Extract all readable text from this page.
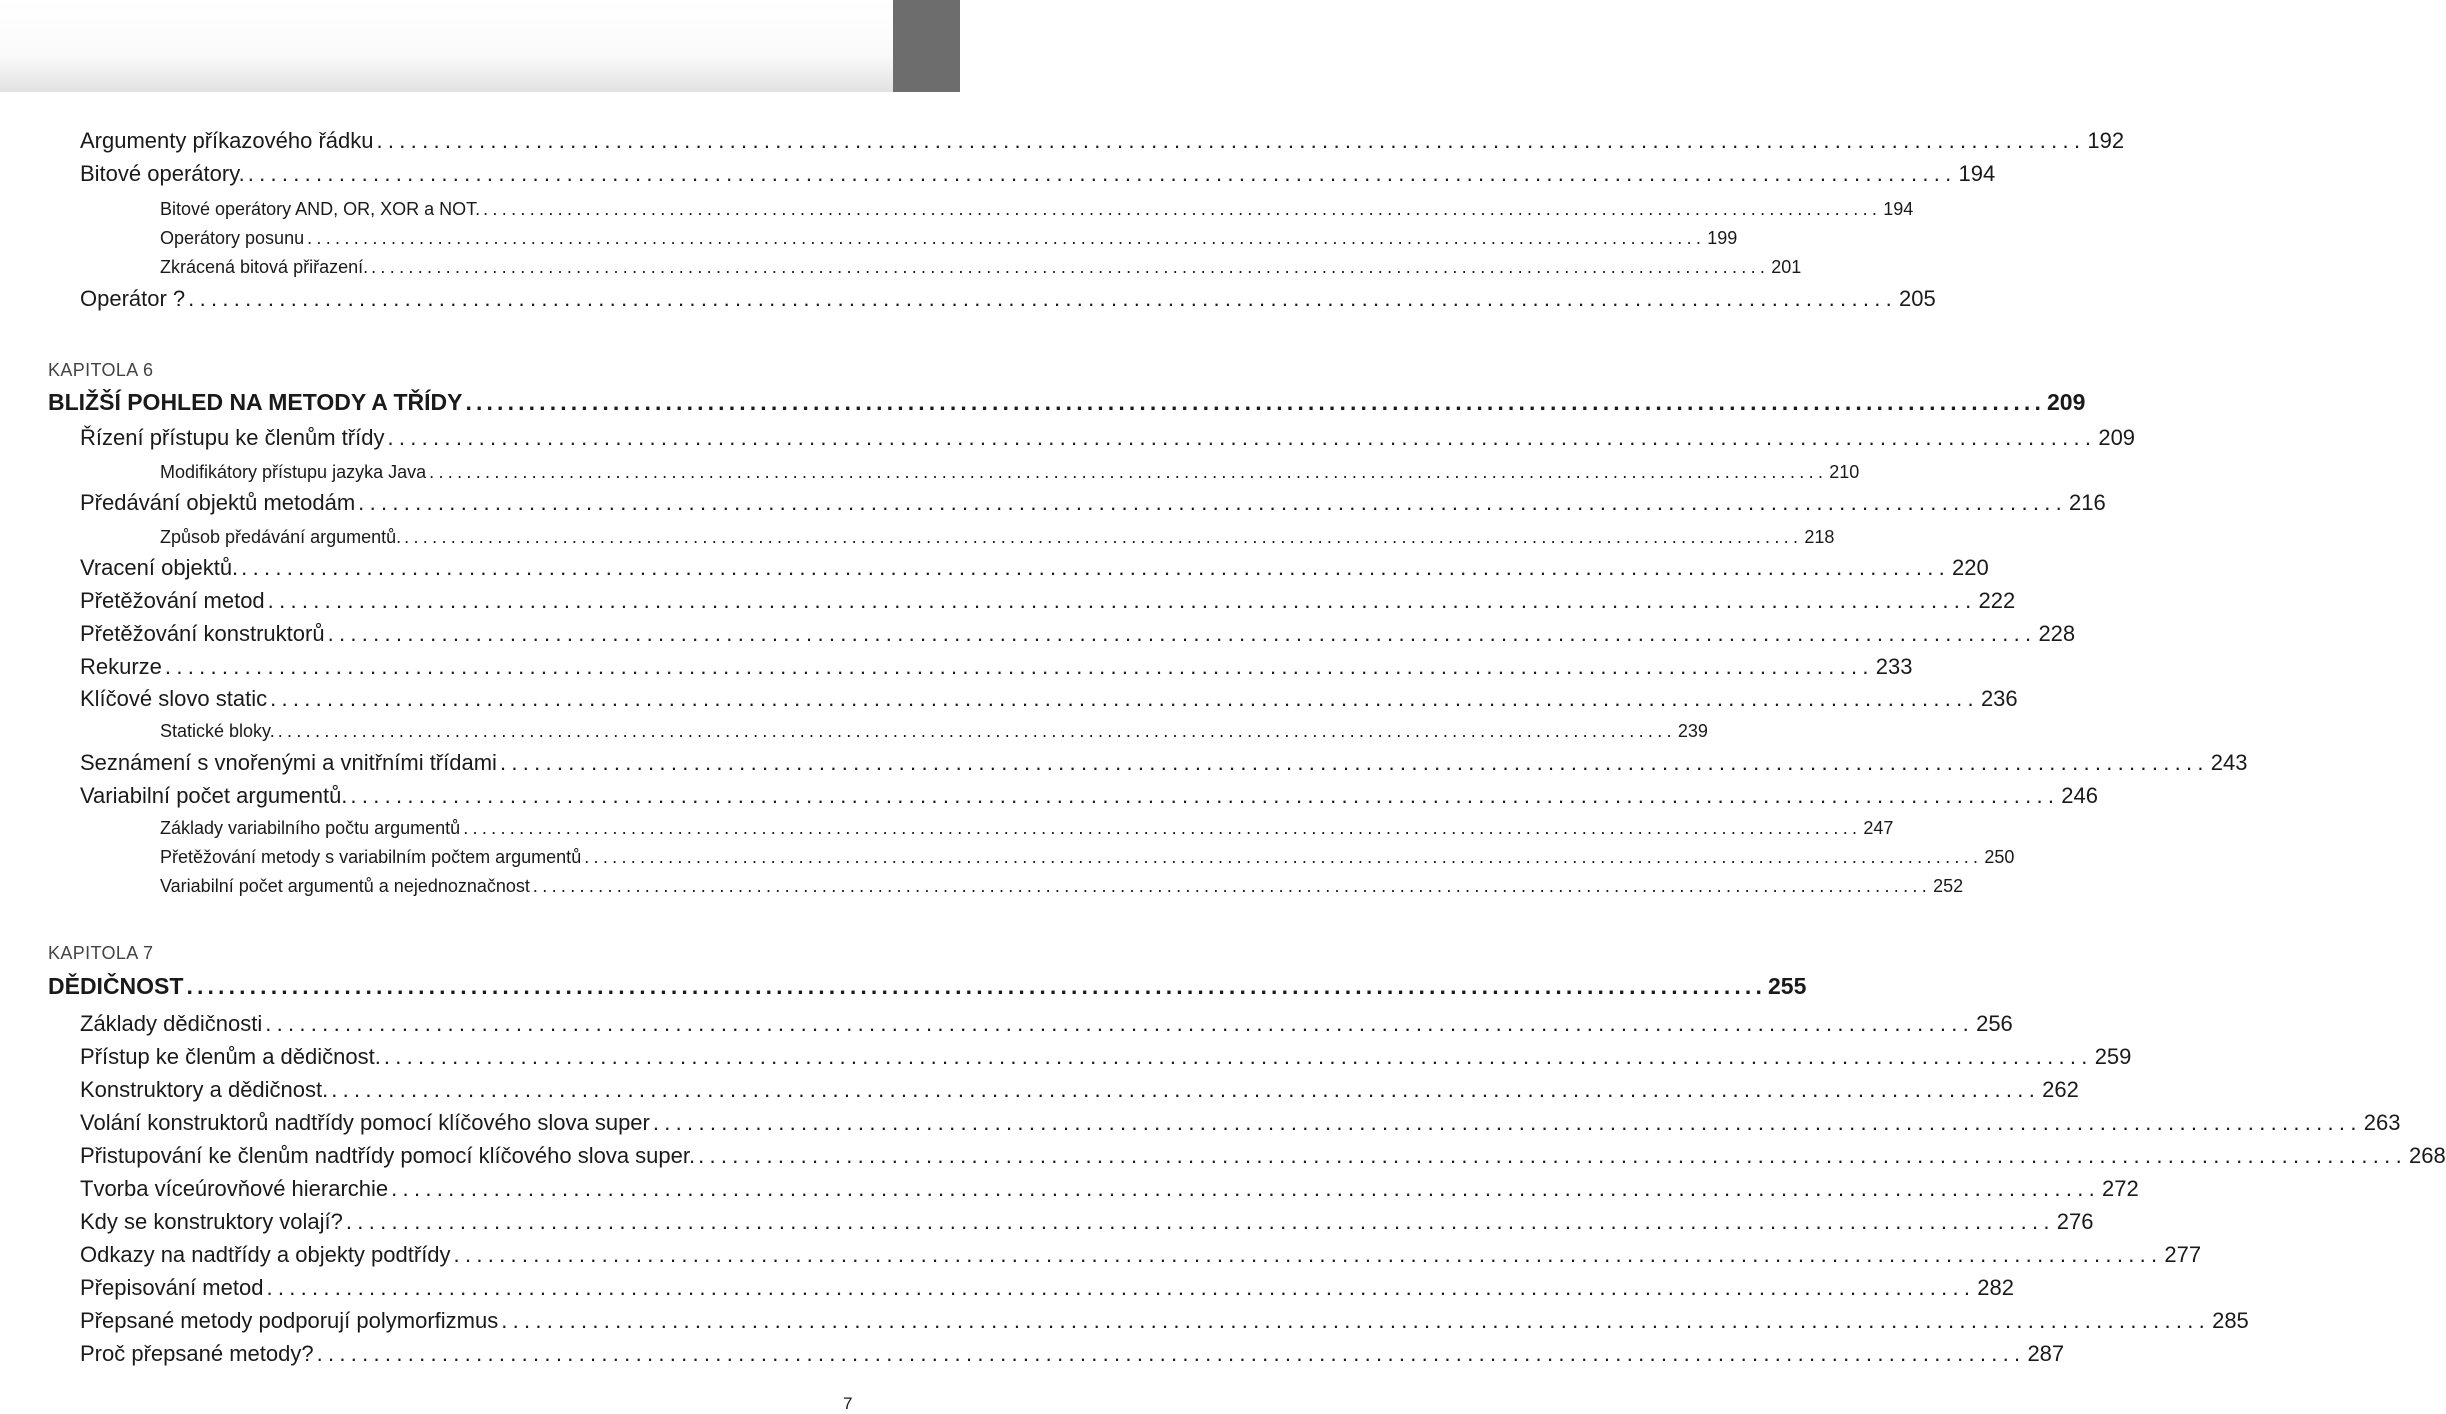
Argumenty příkazového řádku ...................................................................................................................................................... 192
Bitové operátory. ...................................................................................................................................................... 194
Bitové operátory AND, OR, XOR a NOT. ...................................................................................................................................................... 194
Operátory posunu ...................................................................................................................................................... 199
Zkrácená bitová přiřazení. ...................................................................................................................................................... 201
Operátor ? ...................................................................................................................................................... 205
KAPITOLA 6
BLIŽŠÍ POHLED NA METODY A TŘÍDY ...................................................................................................................................................... 209
Řízení přístupu ke členům třídy ...................................................................................................................................................... 209
Modifikátory přístupu jazyka Java ...................................................................................................................................................... 210
Předávání objektů metodám ...................................................................................................................................................... 216
Způsob předávání argumentů. ...................................................................................................................................................... 218
Vracení objektů. ...................................................................................................................................................... 220
Přetěžování metod ...................................................................................................................................................... 222
Přetěžování konstruktorů ...................................................................................................................................................... 228
Rekurze ...................................................................................................................................................... 233
Klíčové slovo static ...................................................................................................................................................... 236
Statické bloky. ...................................................................................................................................................... 239
Seznámení s vnořenými a vnitřními třídami ...................................................................................................................................................... 243
Variabilní počet argumentů. ...................................................................................................................................................... 246
Základy variabilního počtu argumentů ...................................................................................................................................................... 247
Přetěžování metody s variabilním počtem argumentů ...................................................................................................................................................... 250
Variabilní počet argumentů a nejednoznačnost ...................................................................................................................................................... 252
KAPITOLA 7
DĚDIČNOST ...................................................................................................................................................... 255
Základy dědičnosti ...................................................................................................................................................... 256
Přístup ke členům a dědičnost. ...................................................................................................................................................... 259
Konstruktory a dědičnost. ...................................................................................................................................................... 262
Volání konstruktorů nadtřídy pomocí klíčového slova super ...................................................................................................................................................... 263
Přistupování ke členům nadtřídy pomocí klíčového slova super. ...................................................................................................................................................... 268
Tvorba víceúrovňové hierarchie ...................................................................................................................................................... 272
Kdy se konstruktory volají? ...................................................................................................................................................... 276
Odkazy na nadtřídy a objekty podtřídy ...................................................................................................................................................... 277
Přepisování metod ...................................................................................................................................................... 282
Přepsané metody podporují polymorfizmus ...................................................................................................................................................... 285
Proč přepsané metody? ...................................................................................................................................................... 287
7
